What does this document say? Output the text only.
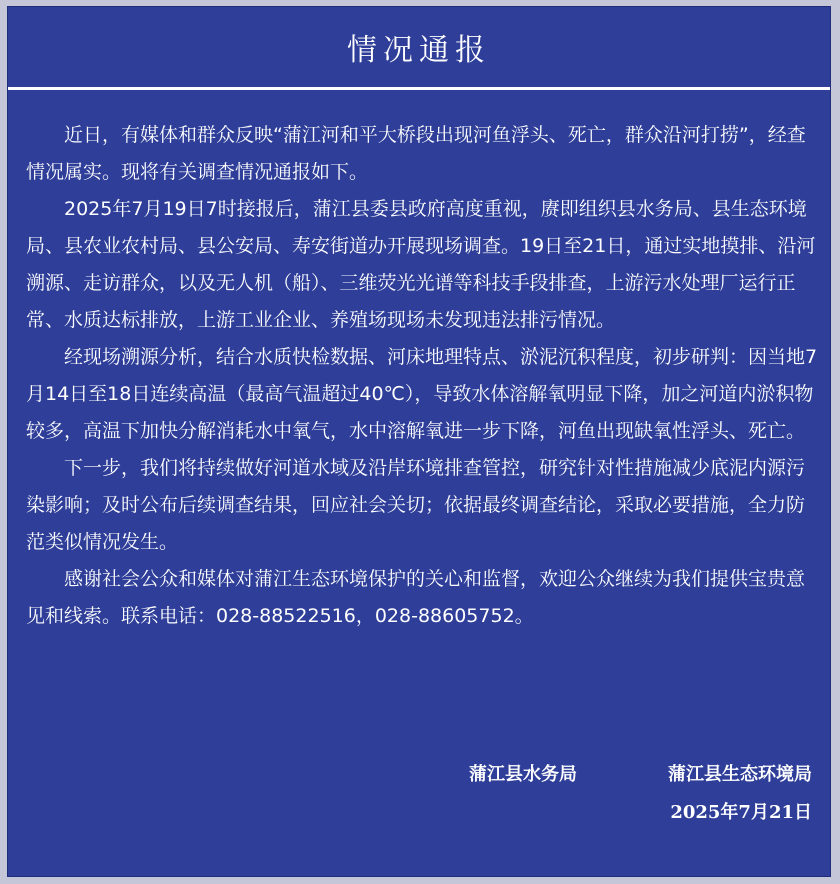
情况通报

近日，有媒体和群众反映“蒲江河和平大桥段出现河鱼浮头、死亡，群众沿河打捞”，经查情况属实。现将有关调查情况通报如下。

2025年7月19日7时接报后，蒲江县委县政府高度重视，赓即组织县水务局、县生态环境局、县农业农村局、县公安局、寿安街道办开展现场调查。19日至21日，通过实地摸排、沿河溯源、走访群众，以及无人机（船）、三维荧光光谱等科技手段排查，上游污水处理厂运行正常、水质达标排放，上游工业企业、养殖场现场未发现违法排污情况。

经现场溯源分析，结合水质快检数据、河床地理特点、淤泥沉积程度，初步研判：因当地7月14日至18日连续高温（最高气温超过40℃），导致水体溶解氧明显下降，加之河道内淤积物较多，高温下加快分解消耗水中氧气，水中溶解氧进一步下降，河鱼出现缺氧性浮头、死亡。

下一步，我们将持续做好河道水域及沿岸环境排查管控，研究针对性措施减少底泥内源污染影响；及时公布后续调查结果，回应社会关切；依据最终调查结论，采取必要措施，全力防范类似情况发生。

感谢社会公众和媒体对蒲江生态环境保护的关心和监督，欢迎公众继续为我们提供宝贵意见和线索。联系电话：028-88522516，028-88605752。

蒲江县水务局	蒲江县生态环境局
2025年7月21日
